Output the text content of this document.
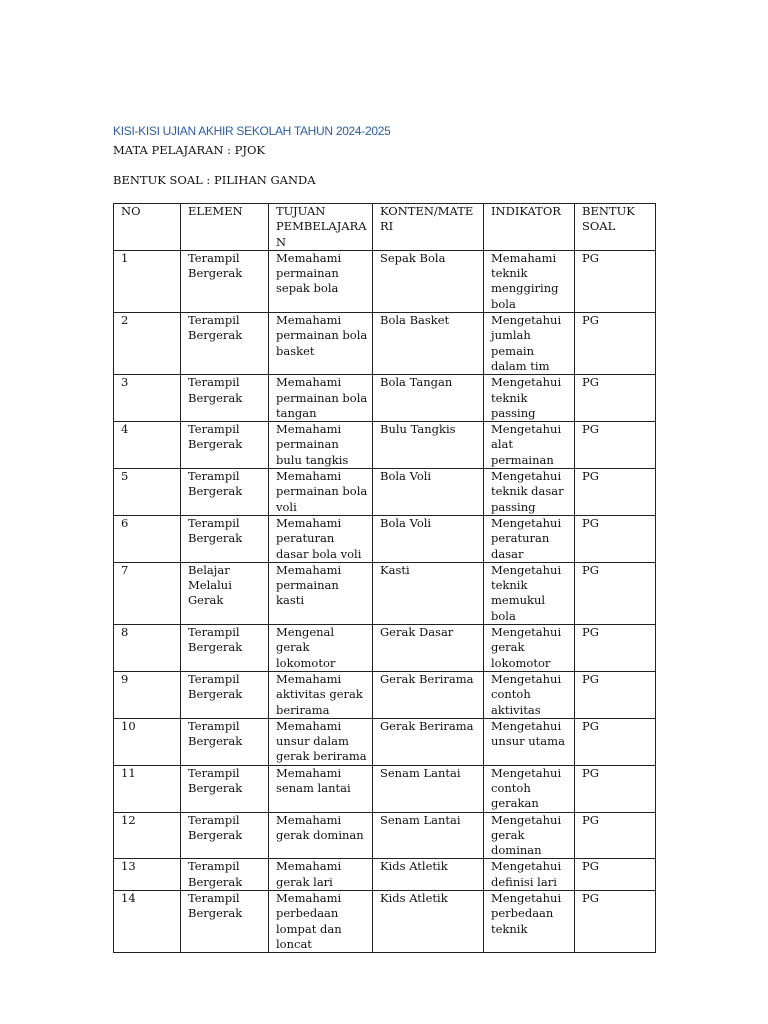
KISI-KISI UJIAN AKHIR SEKOLAH TAHUN 2024-2025
MATA PELAJARAN : PJOK
BENTUK SOAL : PILIHAN GANDA
NO	ELEMEN	TUJUAN PEMBELAJARAN	KONTEN/MATERI	INDIKATOR	BENTUK SOAL
1	Terampil Bergerak	Memahami permainan sepak bola	Sepak Bola	Memahami teknik menggiring bola	PG
2	Terampil Bergerak	Memahami permainan bola basket	Bola Basket	Mengetahui jumlah pemain dalam tim	PG
3	Terampil Bergerak	Memahami permainan bola tangan	Bola Tangan	Mengetahui teknik passing	PG
4	Terampil Bergerak	Memahami permainan bulu tangkis	Bulu Tangkis	Mengetahui alat permainan	PG
5	Terampil Bergerak	Memahami permainan bola voli	Bola Voli	Mengetahui teknik dasar passing	PG
6	Terampil Bergerak	Memahami peraturan dasar bola voli	Bola Voli	Mengetahui peraturan dasar	PG
7	Belajar Melalui Gerak	Memahami permainan kasti	Kasti	Mengetahui teknik memukul bola	PG
8	Terampil Bergerak	Mengenal gerak lokomotor	Gerak Dasar	Mengetahui gerak lokomotor	PG
9	Terampil Bergerak	Memahami aktivitas gerak berirama	Gerak Berirama	Mengetahui contoh aktivitas	PG
10	Terampil Bergerak	Memahami unsur dalam gerak berirama	Gerak Berirama	Mengetahui unsur utama	PG
11	Terampil Bergerak	Memahami senam lantai	Senam Lantai	Mengetahui contoh gerakan	PG
12	Terampil Bergerak	Memahami gerak dominan	Senam Lantai	Mengetahui gerak dominan	PG
13	Terampil Bergerak	Memahami gerak lari	Kids Atletik	Mengetahui definisi lari	PG
14	Terampil Bergerak	Memahami perbedaan lompat dan loncat	Kids Atletik	Mengetahui perbedaan teknik	PG
